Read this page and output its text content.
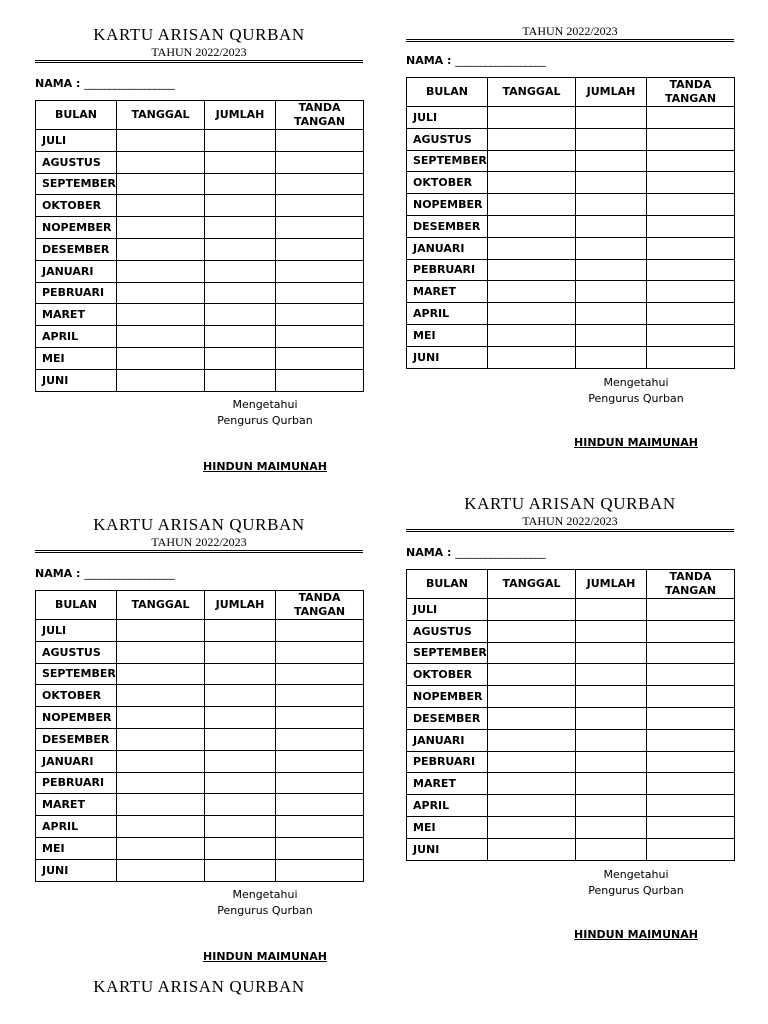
KARTU ARISAN QURBAN
TAHUN 2022/2023
NAMA : __________________
BULAN	TANGGAL	JUMLAH	TANDA
TANGAN
JULI			
AGUSTUS			
SEPTEMBER			
OKTOBER			
NOPEMBER			
DESEMBER			
JANUARI			
PEBRUARI			
MARET			
APRIL			
MEI			
JUNI			
Mengetahui
Pengurus Qurban
HINDUN MAIMUNAH
TAHUN 2022/2023
NAMA : __________________
BULAN	TANGGAL	JUMLAH	TANDA
TANGAN
JULI			
AGUSTUS			
SEPTEMBER			
OKTOBER			
NOPEMBER			
DESEMBER			
JANUARI			
PEBRUARI			
MARET			
APRIL			
MEI			
JUNI			
Mengetahui
Pengurus Qurban
HINDUN MAIMUNAH
KARTU ARISAN QURBAN
TAHUN 2022/2023
NAMA : __________________
BULAN	TANGGAL	JUMLAH	TANDA
TANGAN
JULI			
AGUSTUS			
SEPTEMBER			
OKTOBER			
NOPEMBER			
DESEMBER			
JANUARI			
PEBRUARI			
MARET			
APRIL			
MEI			
JUNI			
Mengetahui
Pengurus Qurban
HINDUN MAIMUNAH
KARTU ARISAN QURBAN
TAHUN 2022/2023
NAMA : __________________
BULAN	TANGGAL	JUMLAH	TANDA
TANGAN
JULI			
AGUSTUS			
SEPTEMBER			
OKTOBER			
NOPEMBER			
DESEMBER			
JANUARI			
PEBRUARI			
MARET			
APRIL			
MEI			
JUNI			
Mengetahui
Pengurus Qurban
HINDUN MAIMUNAH
KARTU ARISAN QURBAN
